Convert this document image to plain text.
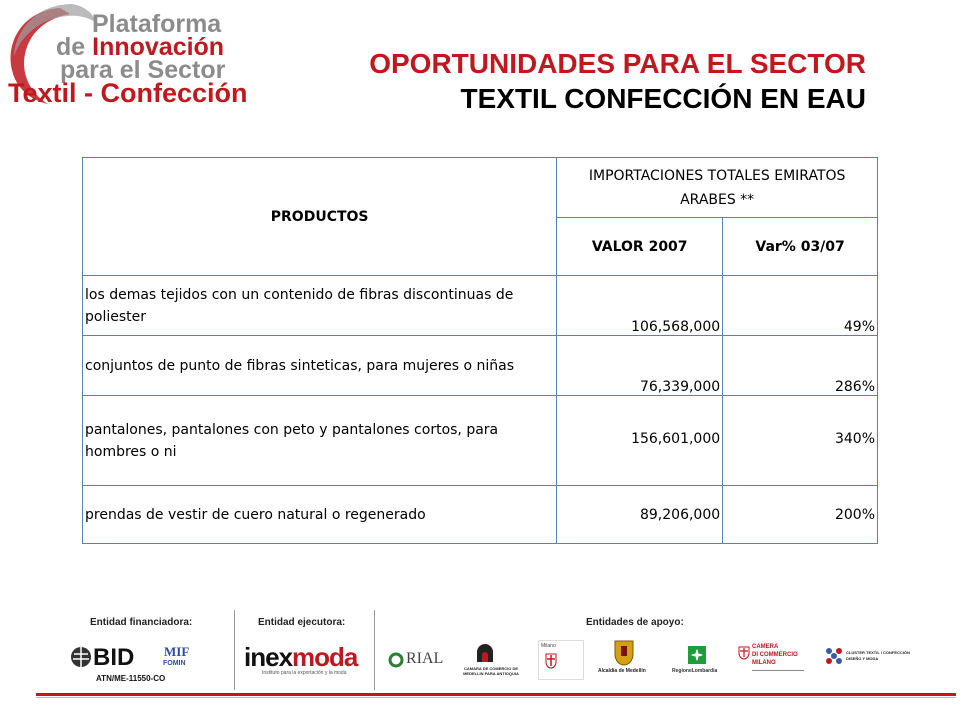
Plataforma
de Innovación
para el Sector
Textil - Confección
OPORTUNIDADES PARA EL SECTOR
TEXTIL CONFECCIÓN EN EAU
PRODUCTOS	IMPORTACIONES TOTALES EMIRATOS ARABES **	
	VALOR 2007	Var% 03/07
los demas tejidos con un contenido de fibras discontinuas de poliester	106,568,000	49%
conjuntos de punto de fibras sinteticas, para mujeres o niñas	76,339,000	286%
pantalones, pantalones con peto y pantalones cortos, para hombres o ni	156,601,000	340%
prendas de vestir de cuero natural o regenerado	89,206,000	200%
Entidad financiadora:	Entidad ejecutora:	Entidades de apoyo:
BID MIF
FOMIN
ATN/ME-11550-CO
inexmoda
Instituto para la exportación y la moda
RIAL
CAMARA DE COMERCIO DE MEDELLIN PARA ANTIOQUIA
Milano
Alcaldía de Medellín	RegioneLombardia
CAMERA
DI COMMERCIO
MILANO
CLUSTER TEXTIL / CONFECCIÓN
DISEÑO Y MODA
